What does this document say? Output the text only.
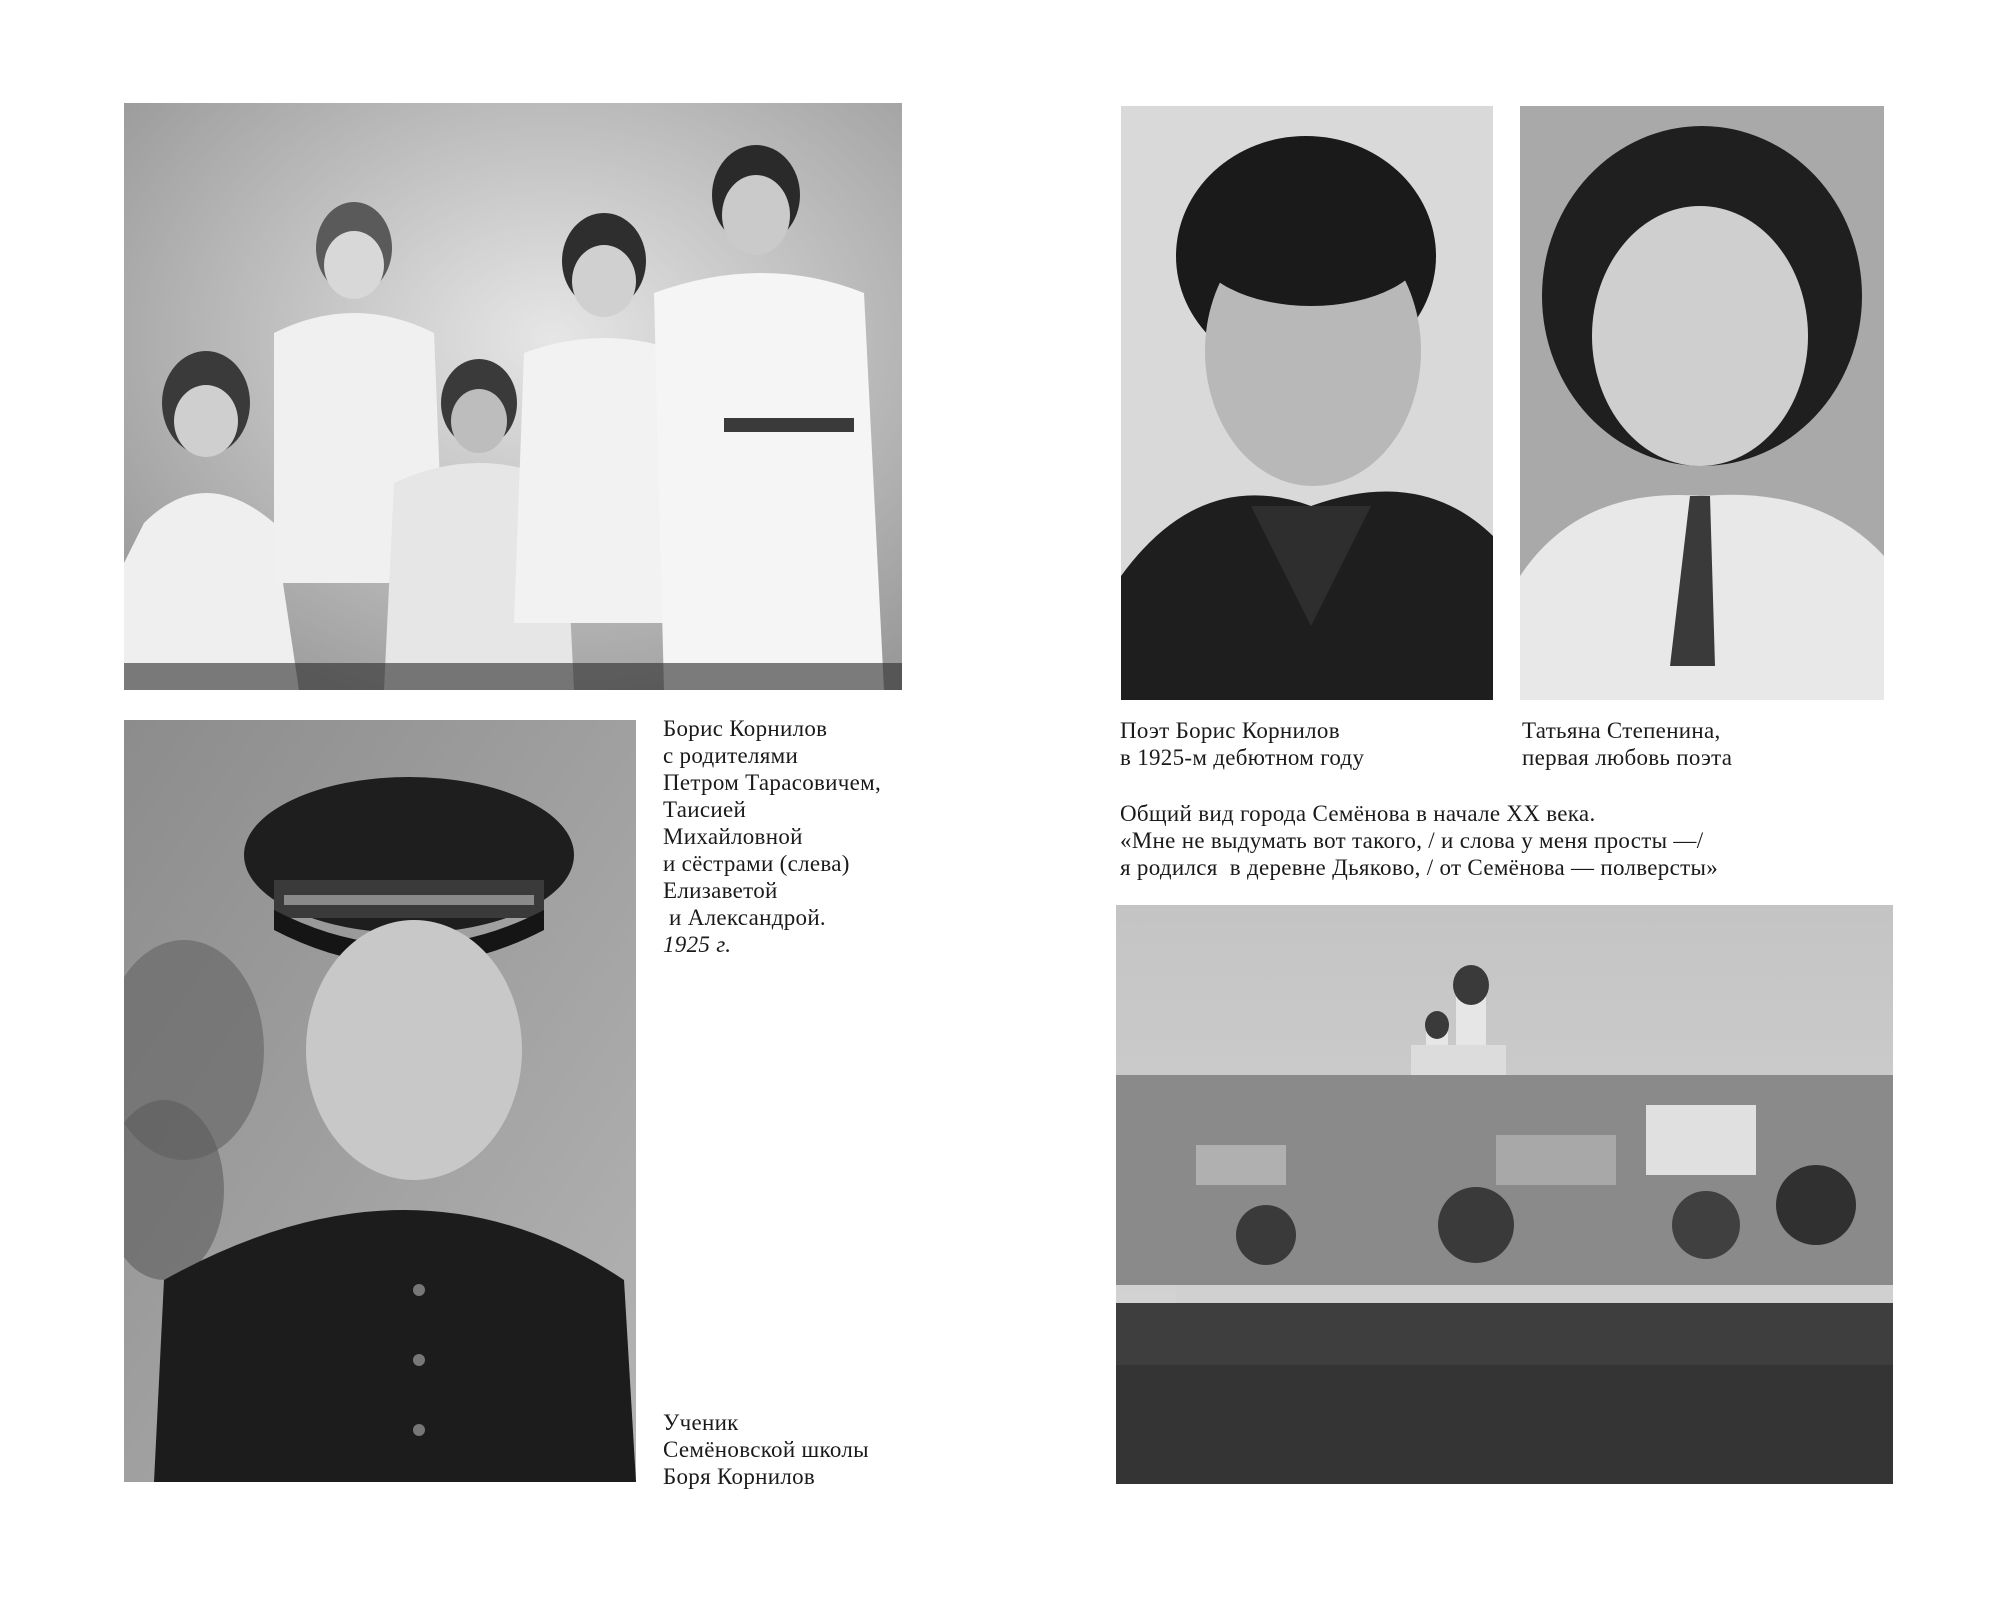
Борис Корнилов
с родителями
Петром Тарасовичем,
Таисией
Михайловной
и сёстрами (слева)
Елизаветой
и Александрой.
1925 г.
Ученик
Семёновской школы
Боря Корнилов
Поэт Борис Корнилов
в 1925-м дебютном году
Татьяна Степенина,
первая любовь поэта
Общий вид города Семёнова в начале XX века.
«Мне не выдумать вот такого, / и слова у меня просты —/
я родился  в деревне Дьяково, / от Семёнова — полверсты»
